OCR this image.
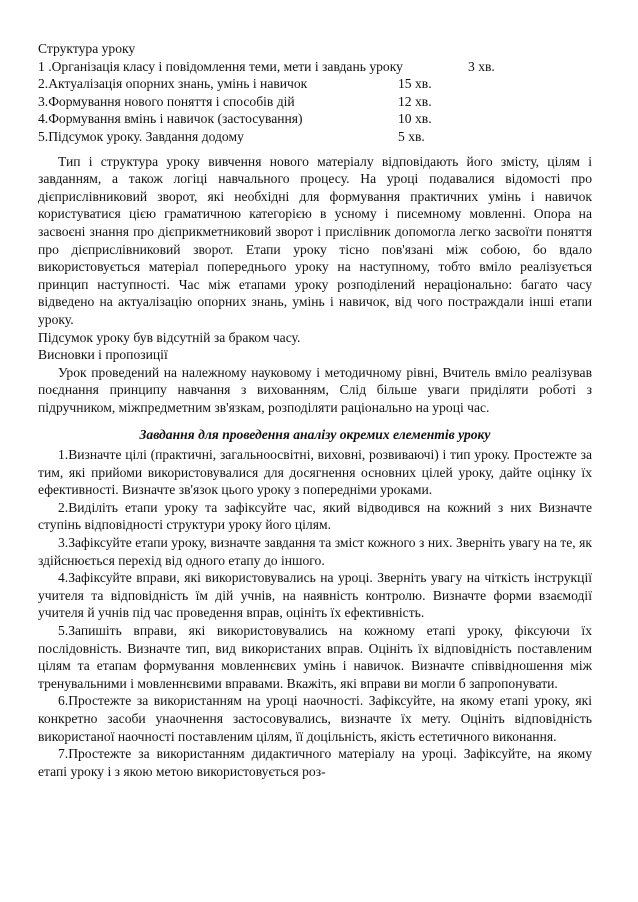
Структура уроку
1 .Організація класу і повідомлення теми, мети і завдань уроку	3 хв.
2.Актуалізація опорних знань, умінь і навичок	15 хв.
3.Формування нового поняття і способів дій	12 хв.
4.Формування вмінь і навичок (застосування)	10 хв.
5.Підсумок уроку. Завдання додому	5 хв.

Тип і структура уроку вивчення нового матеріалу відповідають його змісту, цілям і завданням, а також логіці навчального процесу. На уроці подавалися відомості про дієприслівниковий зворот, які необхідні для формування практичних умінь і навичок користуватися цією граматичною категорією в усному і писемному мовленні. Опора на засвоєні знання про дієприкметниковий зворот і прислівник допомогла легко засвоїти поняття про дієприслівниковий зворот. Етапи уроку тісно пов'язані між собою, бо вдало використовується матеріал попереднього уроку на наступному, тобто вміло реалізується принцип наступності. Час між етапами уроку розподілений нераціонально: багато часу відведено на актуалізацію опорних знань, умінь і навичок, від чого постраждали інші етапи уроку.

Підсумок уроку був відсутній за браком часу.

Висновки і пропозиції

Урок проведений на належному науковому і методичному рівні, Вчитель вміло реалізував поєднання принципу навчання з вихованням, Слід більше уваги приділяти роботі з підручником, міжпредметним зв'язкам, розподіляти раціонально на уроці час.

Завдання для проведення аналізу окремих елементів уроку

1.Визначте цілі (практичні, загальноосвітні, виховні, розвиваючі) і тип уроку. Простежте за тим, які прийоми використовувалися для досягнення основних цілей уроку, дайте оцінку їх ефективності. Визначте зв'язок цього уроку з попередніми уроками.

2.Виділіть етапи уроку та зафіксуйте час, який відводився на кожний з них Визначте ступінь відповідності структури уроку його цілям.

3.Зафіксуйте етапи уроку, визначте завдання та зміст кожного з них. Зверніть увагу на те, як здійснюється перехід від одного етапу до іншого.

4.Зафіксуйте вправи, які використовувались на уроці. Зверніть увагу на чіткість інструкції учителя та відповідність їм дій учнів, на наявність контролю. Визначте форми взаємодії учителя й учнів під час проведення вправ, оцініть їх ефективність.

5.Запишіть вправи, які використовувались на кожному етапі уроку, фіксуючи їх послідовність. Визначте тип, вид використаних вправ. Оцініть їх відповідність поставленим цілям та етапам формування мовленнєвих умінь і навичок. Визначте співвідношення між тренувальними і мовленнєвими вправами. Вкажіть, які вправи ви могли б запропонувати.

6.Простежте за використанням на уроці наочності. Зафіксуйте, на якому етапі уроку, які конкретно засоби унаочнення застосовувались, визначте їх мету. Оцініть відповідність використаної наочності поставленим цілям, її доцільність, якість естетичного виконання.

7.Простежте за використанням дидактичного матеріалу на уроці. Зафіксуйте, на якому етапі уроку і з якою метою використовується роз-
